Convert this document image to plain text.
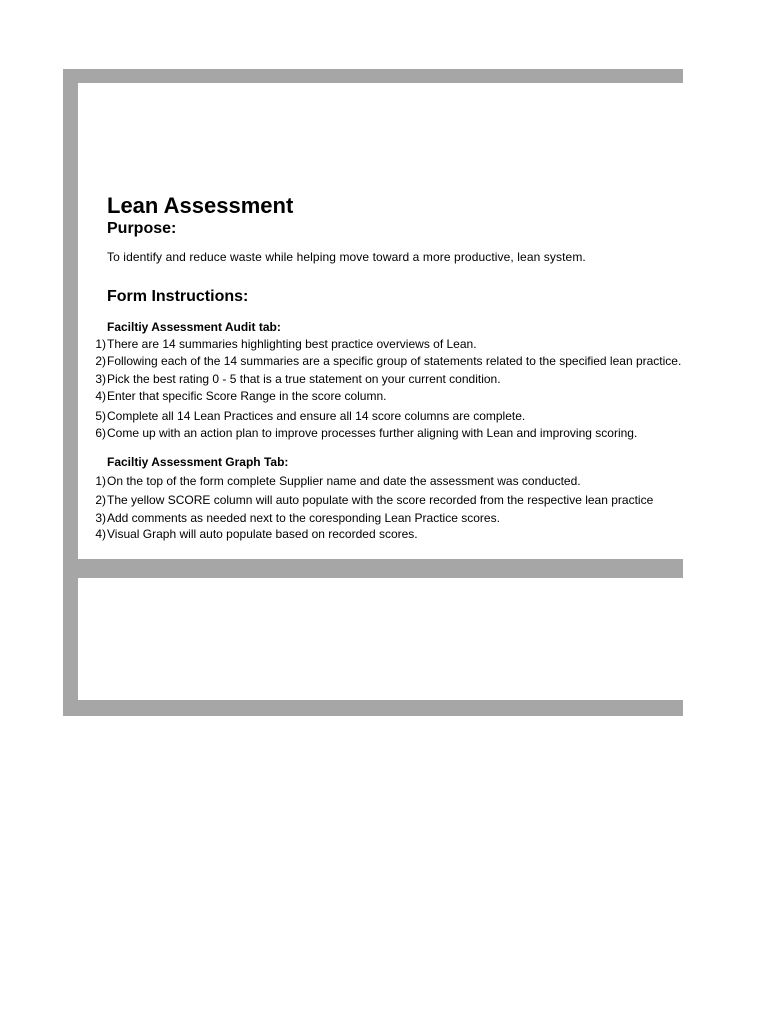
Lean Assessment
Purpose:
To identify and reduce waste while helping move toward a more productive, lean system.
Form Instructions:
Faciltiy Assessment Audit tab:
1) There are 14 summaries highlighting best practice overviews of Lean.
2) Following each of the 14 summaries are a specific group of statements related to the specified lean practice.
3) Pick the best rating 0 - 5 that is a true statement on your current condition.
4) Enter that specific Score Range in the score column.
5) Complete all 14 Lean Practices and ensure all 14 score columns are complete.
6) Come up with an action plan to improve processes further aligning with Lean and improving scoring.
Faciltiy Assessment Graph Tab:
1) On the top of the form complete Supplier name and date the assessment was conducted.
2) The yellow SCORE column will auto populate with the score recorded from the respective lean practice
3) Add comments as needed next to the coresponding Lean Practice scores.
4) Visual Graph will auto populate based on recorded scores.
